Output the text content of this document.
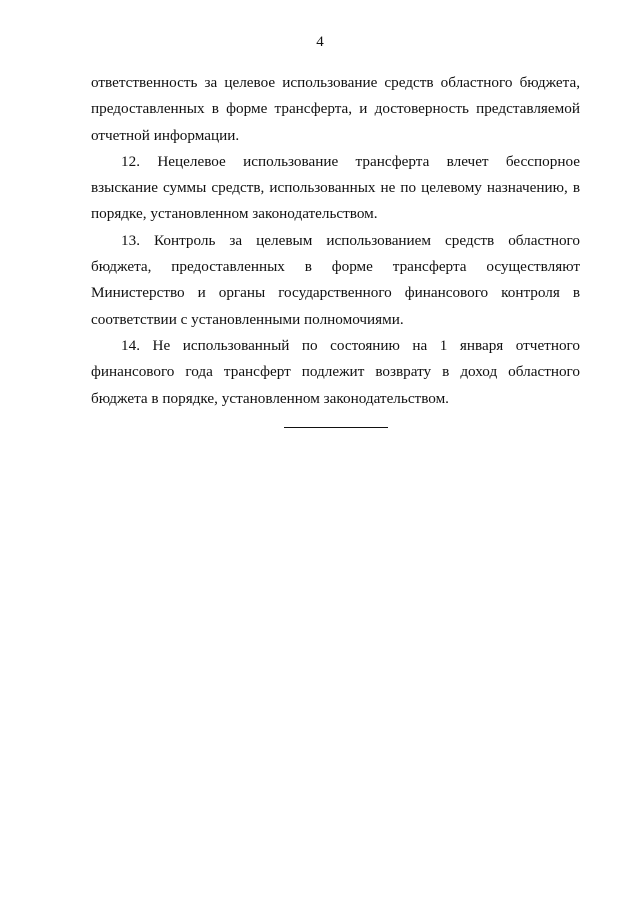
4

ответственность за целевое использование средств областного бюджета, предоставленных в форме трансферта, и достоверность представляемой отчетной информации.

12. Нецелевое использование трансферта влечет бесспорное взыскание суммы средств, использованных не по целевому назначению, в порядке, установленном законодательством.

13. Контроль за целевым использованием средств областного бюджета, предоставленных в форме трансферта осуществляют Министерство и органы государственного финансового контроля в соответствии с установленными полномочиями.

14. Не использованный по состоянию на 1 января отчетного финансового года трансферт подлежит возврату в доход областного бюджета в порядке, установленном законодательством.
